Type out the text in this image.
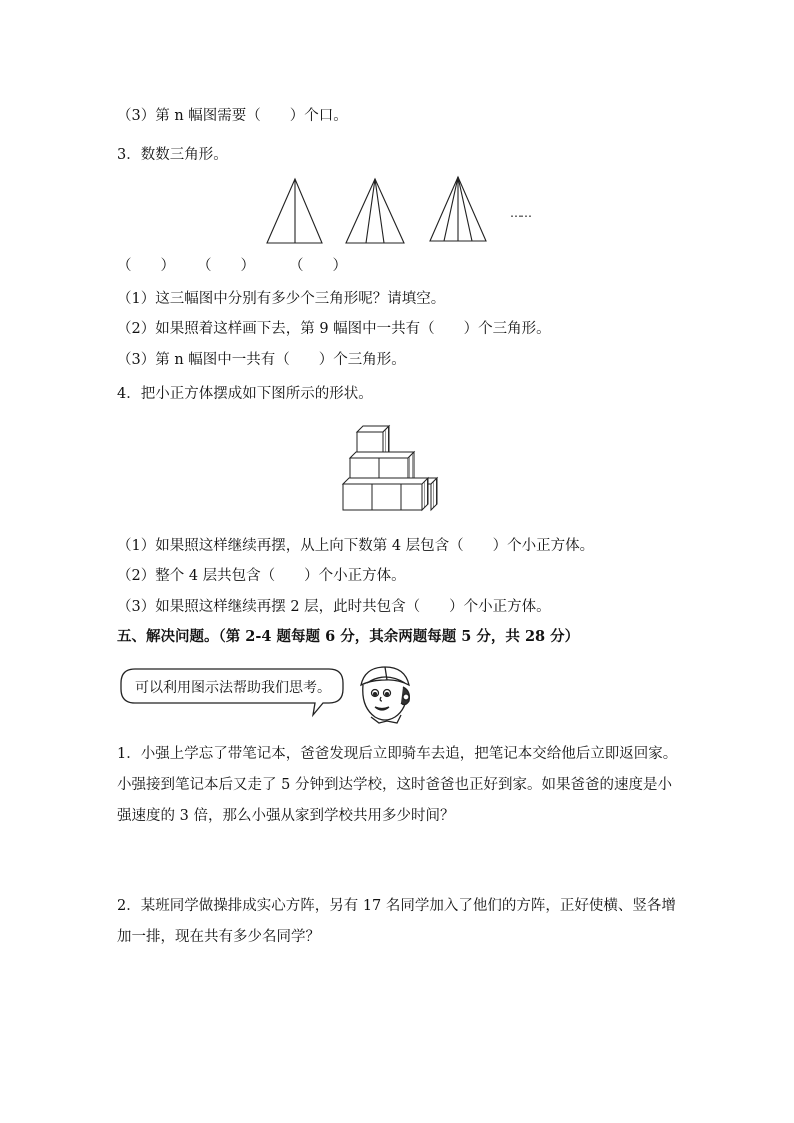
（3）第 n 幅图需要（　　）个口。
3．数数三角形。
……
（　　） （　　） （　　）
（1）这三幅图中分别有多少个三角形呢？请填空。
（2）如果照着这样画下去，第 9 幅图中一共有（　　）个三角形。
（3）第 n 幅图中一共有（　　）个三角形。
4．把小正方体摆成如下图所示的形状。
（1）如果照这样继续再摆，从上向下数第 4 层包含（　　）个小正方体。
（2）整个 4 层共包含（　　）个小正方体。
（3）如果照这样继续再摆 2 层，此时共包含（　　）个小正方体。
五、解决问题。（第 2-4 题每题 6 分，其余两题每题 5 分，共 28 分）
可以利用图示法帮助我们思考。
1．小强上学忘了带笔记本，爸爸发现后立即骑车去追，把笔记本交给他后立即返回家。小强接到笔记本后又走了 5 分钟到达学校，这时爸爸也正好到家。如果爸爸的速度是小强速度的 3 倍，那么小强从家到学校共用多少时间？
2．某班同学做操排成实心方阵，另有 17 名同学加入了他们的方阵，正好使横、竖各增加一排，现在共有多少名同学？
